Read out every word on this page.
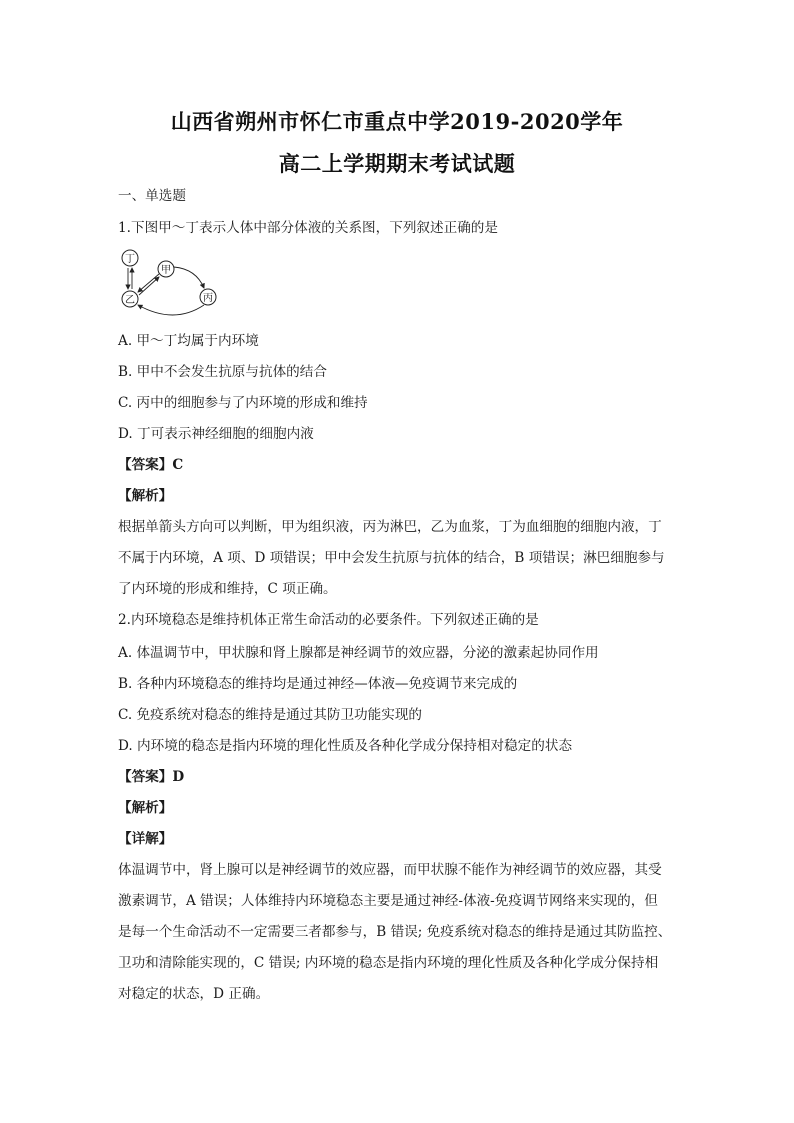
山西省朔州市怀仁市重点中学2019-2020学年
高二上学期期末考试试题
一、单选题
1.下图甲～丁表示人体中部分体液的关系图，下列叙述正确的是
丁
甲
乙	丙
A. 甲～丁均属于内环境
B. 甲中不会发生抗原与抗体的结合
C. 丙中的细胞参与了内环境的形成和维持
D. 丁可表示神经细胞的细胞内液
【答案】C
【解析】
根据单箭头方向可以判断，甲为组织液，丙为淋巴，乙为血浆，丁为血细胞的细胞内液，丁
不属于内环境，A 项、D 项错误；甲中会发生抗原与抗体的结合，B 项错误；淋巴细胞参与
了内环境的形成和维持，C 项正确。
2.内环境稳态是维持机体正常生命活动的必要条件。下列叙述正确的是
A. 体温调节中，甲状腺和肾上腺都是神经调节的效应器，分泌的激素起协同作用
B. 各种内环境稳态的维持均是通过神经—体液—免疫调节来完成的
C. 免疫系统对稳态的维持是通过其防卫功能实现的
D. 内环境的稳态是指内环境的理化性质及各种化学成分保持相对稳定的状态
【答案】D
【解析】
【详解】
体温调节中，肾上腺可以是神经调节的效应器，而甲状腺不能作为神经调节的效应器，其受
激素调节，A 错误；人体维持内环境稳态主要是通过神经-体液-免疫调节网络来实现的，但
是每一个生命活动不一定需要三者都参与，B 错误; 免疫系统对稳态的维持是通过其防监控、
卫功和清除能实现的，C 错误; 内环境的稳态是指内环境的理化性质及各种化学成分保持相
对稳定的状态，D 正确。
